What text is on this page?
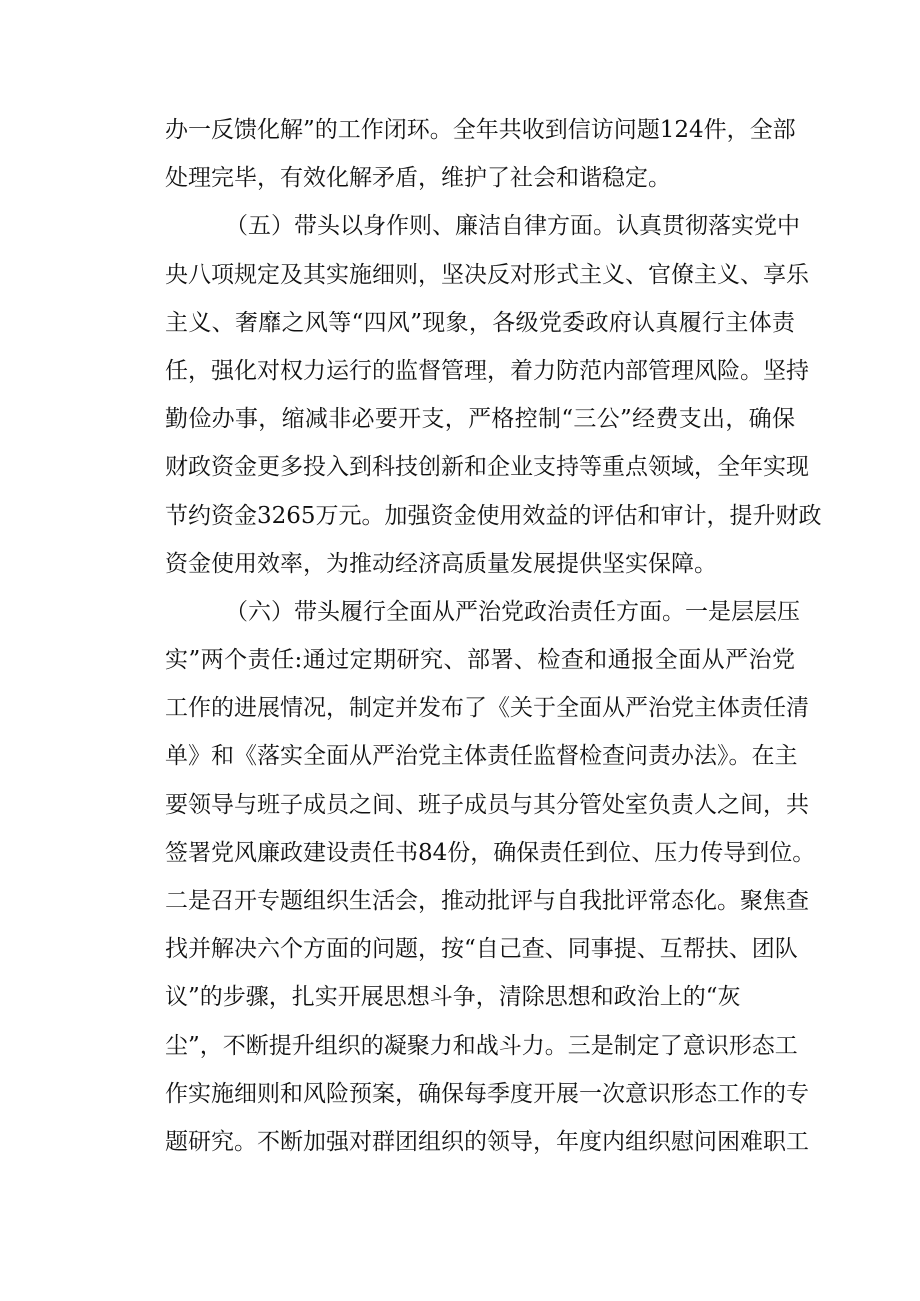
办一反馈化解”的工作闭环。全年共收到信访问题124件，全部
处理完毕，有效化解矛盾，维护了社会和谐稳定。
（五）带头以身作则、廉洁自律方面。认真贯彻落实党中
央八项规定及其实施细则，坚决反对形式主义、官僚主义、享乐
主义、奢靡之风等“四风”现象，各级党委政府认真履行主体责
任，强化对权力运行的监督管理，着力防范内部管理风险。坚持
勤俭办事，缩减非必要开支，严格控制“三公”经费支出，确保
财政资金更多投入到科技创新和企业支持等重点领域，全年实现
节约资金3265万元。加强资金使用效益的评估和审计，提升财政
资金使用效率，为推动经济高质量发展提供坚实保障。
（六）带头履行全面从严治党政治责任方面。一是层层压
实”两个责任:通过定期研究、部署、检查和通报全面从严治党
工作的进展情况，制定并发布了《关于全面从严治党主体责任清
单》和《落实全面从严治党主体责任监督检查问责办法》。在主
要领导与班子成员之间、班子成员与其分管处室负责人之间，共
签署党风廉政建设责任书84份，确保责任到位、压力传导到位。
二是召开专题组织生活会，推动批评与自我批评常态化。聚焦查
找并解决六个方面的问题，按“自己查、同事提、互帮扶、团队
议”的步骤，扎实开展思想斗争，清除思想和政治上的“灰
尘”，不断提升组织的凝聚力和战斗力。三是制定了意识形态工
作实施细则和风险预案，确保每季度开展一次意识形态工作的专
题研究。不断加强对群团组织的领导，年度内组织慰问困难职工
